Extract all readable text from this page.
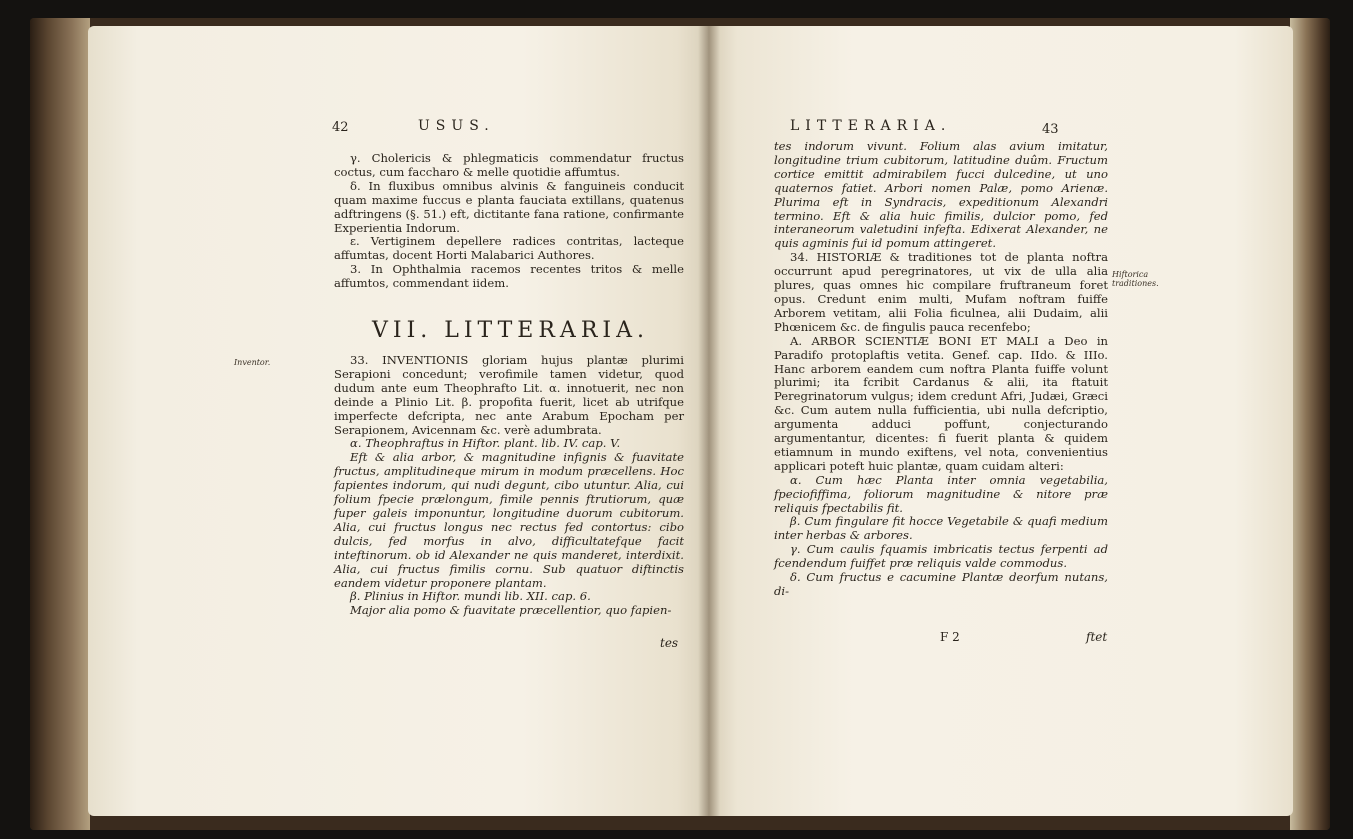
42	USUS.

γ. Cholericis & phlegmaticis commendatur fructus coctus, cum faccharo & melle quotidie affumtus.

δ. In fluxibus omnibus alvinis & fanguineis conducit quam maxime fuccus e planta fauciata extillans, quatenus adftringens (§. 51.) eft, dictitante fana ratione, confirmante Experientia Indorum.

ε. Vertiginem depellere radices contritas, lacteque affumtas, docent Horti Malabarici Authores.

3. In Ophthalmia racemos recentes tritos & melle affumtos, commendant iidem.

VII. LITTERARIA.
Inventor.	33. INVENTIONIS gloriam hujus plantæ plurimi Serapioni concedunt; verofimile tamen videtur, quod dudum ante eum Theophrafto Lit. α. innotuerit, nec non deinde a Plinio Lit. β. propofita fuerit, licet ab utrifque imperfecte defcripta, nec ante Arabum Epocham per Serapionem, Avicennam &c. verè adumbrata.

α. Theophraftus in Hiftor. plant. lib. IV. cap. V.

Eft & alia arbor, & magnitudine infignis & fuavitate fructus, amplitudineque mirum in modum præcellens. Hoc fapientes indorum, qui nudi degunt, cibo utuntur. Alia, cui folium fpecie prælongum, fimile pennis ftrutiorum, quæ fuper galeis imponuntur, longitudine duorum cubitorum. Alia, cui fructus longus nec rectus fed contortus: cibo dulcis, fed morfus in alvo, difficultatefque facit inteftinorum. ob id Alexander ne quis manderet, interdixit. Alia, cui fructus fimilis cornu. Sub quatuor diftinctis eandem videtur proponere plantam.

β. Plinius in Hiftor. mundi lib. XII. cap. 6.

Major alia pomo & fuavitate præcellentior, quo fapien-

tes
LITTERARIA.	43
Hiftorica traditiones.

tes indorum vivunt. Folium alas avium imitatur, longitudine trium cubitorum, latitudine duûm. Fructum cortice emittit admirabilem fucci dulcedine, ut uno quaternos fatiet. Arbori nomen Palæ, pomo Arienæ. Plurima eft in Syndracis, expeditionum Alexandri termino. Eft & alia huic fimilis, dulcior pomo, fed interaneorum valetudini infefta. Edixerat Alexander, ne quis agminis fui id pomum attingeret.

34. HISTORIÆ & traditiones tot de planta noftra occurrunt apud peregrinatores, ut vix de ulla alia plures, quas omnes hic compilare fruftraneum foret opus. Credunt enim multi, Mufam noftram fuiffe Arborem vetitam, alii Folia ficulnea, alii Dudaim, alii Phœnicem &c. de fingulis pauca recenfebo;

A. ARBOR SCIENTIÆ BONI ET MALI a Deo in Paradifo protoplaftis vetita. Genef. cap. IIdo. & IIIo. Hanc arborem eandem cum noftra Planta fuiffe volunt plurimi; ita fcribit Cardanus & alii, ita ftatuit Peregrinatorum vulgus; idem credunt Afri, Judæi, Græci &c. Cum autem nulla fufficientia, ubi nulla defcriptio, argumenta adduci poffunt, conjecturando argumentantur, dicentes: fi fuerit planta & quidem etiamnum in mundo exiftens, vel nota, convenientius applicari poteft huic plantæ, quam cuidam alteri:

α. Cum hæc Planta inter omnia vegetabilia, fpeciofiffima, foliorum magnitudine & nitore præ reliquis fpectabilis fit.

β. Cum fingulare fit hocce Vegetabile & quafi medium inter herbas & arbores.

γ. Cum caulis fquamis imbricatis tectus ferpenti ad fcendendum fuiffet præ reliquis valde commodus.

δ. Cum fructus e cacumine Plantæ deorfum nutans, di-

F 2	ftet
